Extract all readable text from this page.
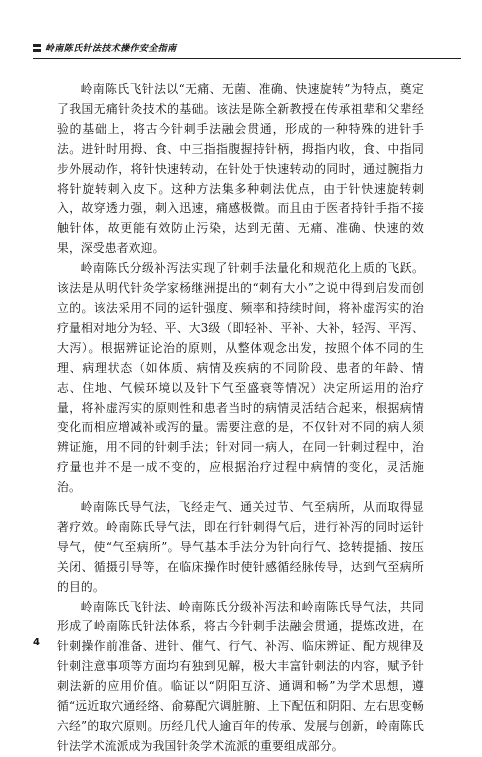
岭南陈氏针法技术操作安全指南

岭南陈氏飞针法以“无痛、无菌、准确、快速旋转”为特点，奠定了我国无痛针灸技术的基础。该法是陈全新教授在传承祖辈和父辈经验的基础上，将古今针刺手法融会贯通，形成的一种特殊的进针手法。进针时用拇、食、中三指指腹握持针柄，拇指内收，食、中指同步外展动作，将针快速转动，在针处于快速转动的同时，通过腕指力将针旋转刺入皮下。这种方法集多种刺法优点，由于针快速旋转刺入，故穿透力强，刺入迅速，痛感极微。而且由于医者持针手指不接触针体，故更能有效防止污染，达到无菌、无痛、准确、快速的效果，深受患者欢迎。

岭南陈氏分级补泻法实现了针刺手法量化和规范化上质的飞跃。该法是从明代针灸学家杨继洲提出的“刺有大小”之说中得到启发而创立的。该法采用不同的运针强度、频率和持续时间，将补虚泻实的治疗量相对地分为轻、平、大3级（即轻补、平补、大补，轻泻、平泻、大泻）。根据辨证论治的原则，从整体观念出发，按照个体不同的生理、病理状态（如体质、病情及疾病的不同阶段、患者的年龄、情志、住地、气候环境以及针下气至盛衰等情况）决定所运用的治疗量，将补虚泻实的原则性和患者当时的病情灵活结合起来，根据病情变化而相应增减补或泻的量。需要注意的是，不仅针对不同的病人须辨证施，用不同的针刺手法；针对同一病人，在同一针刺过程中，治疗量也并不是一成不变的，应根据治疗过程中病情的变化，灵活施治。

岭南陈氏导气法，飞经走气、通关过节、气至病所，从而取得显著疗效。岭南陈氏导气法，即在行针刺得气后，进行补泻的同时运针导气，使“气至病所”。导气基本手法分为针向行气、捻转提插、按压关闭、循摄引导等，在临床操作时使针感循经脉传导，达到气至病所的目的。

岭南陈氏飞针法、岭南陈氏分级补泻法和岭南陈氏导气法，共同形成了岭南陈氏针法体系，将古今针刺手法融会贯通，提炼改进，在针刺操作前准备、进针、催气、行气、补泻、临床辨证、配方规律及针刺注意事项等方面均有独到见解，极大丰富针刺法的内容，赋予针刺法新的应用价值。临证以“阴阳互济、通调和畅”为学术思想，遵循“远近取穴通经络、俞募配穴调脏腑、上下配伍和阴阳、左右思变畅六经”的取穴原则。历经几代人逾百年的传承、发展与创新，岭南陈氏针法学术流派成为我国针灸学术流派的重要组成部分。

4
